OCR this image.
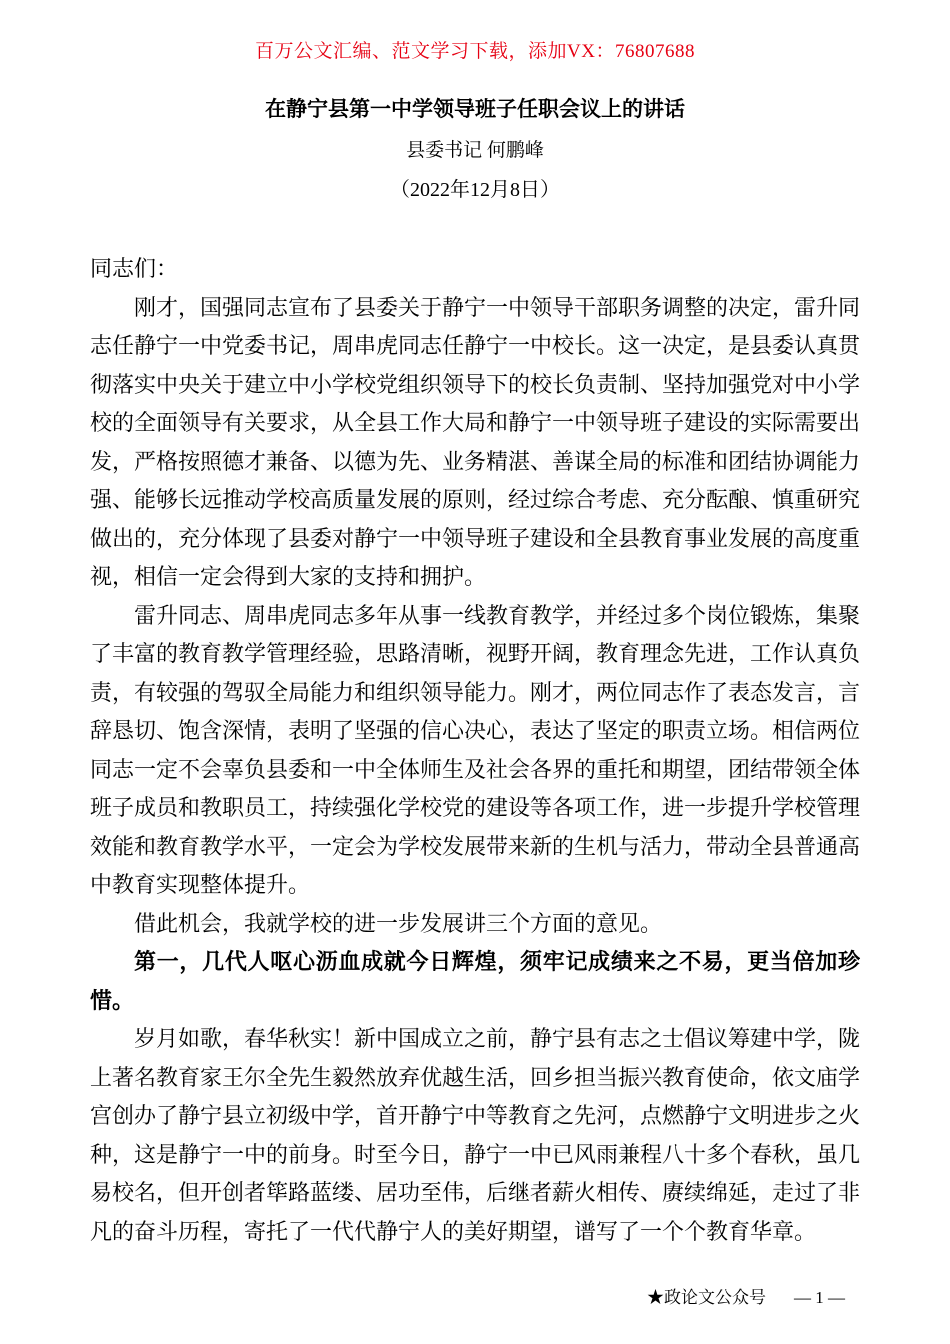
百万公文汇编、范文学习下载，添加VX：76807688
在静宁县第一中学领导班子任职会议上的讲话
县委书记 何鹏峰
（2022年12月8日）

同志们：

刚才，国强同志宣布了县委关于静宁一中领导干部职务调整的决定，雷升同志任静宁一中党委书记，周串虎同志任静宁一中校长。这一决定，是县委认真贯彻落实中央关于建立中小学校党组织领导下的校长负责制、坚持加强党对中小学校的全面领导有关要求，从全县工作大局和静宁一中领导班子建设的实际需要出发，严格按照德才兼备、以德为先、业务精湛、善谋全局的标准和团结协调能力强、能够长远推动学校高质量发展的原则，经过综合考虑、充分酝酿、慎重研究做出的，充分体现了县委对静宁一中领导班子建设和全县教育事业发展的高度重视，相信一定会得到大家的支持和拥护。

雷升同志、周串虎同志多年从事一线教育教学，并经过多个岗位锻炼，集聚了丰富的教育教学管理经验，思路清晰，视野开阔，教育理念先进，工作认真负责，有较强的驾驭全局能力和组织领导能力。刚才，两位同志作了表态发言，言辞恳切、饱含深情，表明了坚强的信心决心，表达了坚定的职责立场。相信两位同志一定不会辜负县委和一中全体师生及社会各界的重托和期望，团结带领全体班子成员和教职员工，持续强化学校党的建设等各项工作，进一步提升学校管理效能和教育教学水平，一定会为学校发展带来新的生机与活力，带动全县普通高中教育实现整体提升。

借此机会，我就学校的进一步发展讲三个方面的意见。

第一，几代人呕心沥血成就今日辉煌，须牢记成绩来之不易，更当倍加珍惜。

岁月如歌，春华秋实！新中国成立之前，静宁县有志之士倡议筹建中学，陇上著名教育家王尔全先生毅然放弃优越生活，回乡担当振兴教育使命，依文庙学宫创办了静宁县立初级中学，首开静宁中等教育之先河，点燃静宁文明进步之火种，这是静宁一中的前身。时至今日，静宁一中已风雨兼程八十多个春秋，虽几易校名，但开创者筚路蓝缕、居功至伟，后继者薪火相传、赓续绵延，走过了非凡的奋斗历程，寄托了一代代静宁人的美好期望，谱写了一个个教育华章。

★政论文公众号 — 1 —
